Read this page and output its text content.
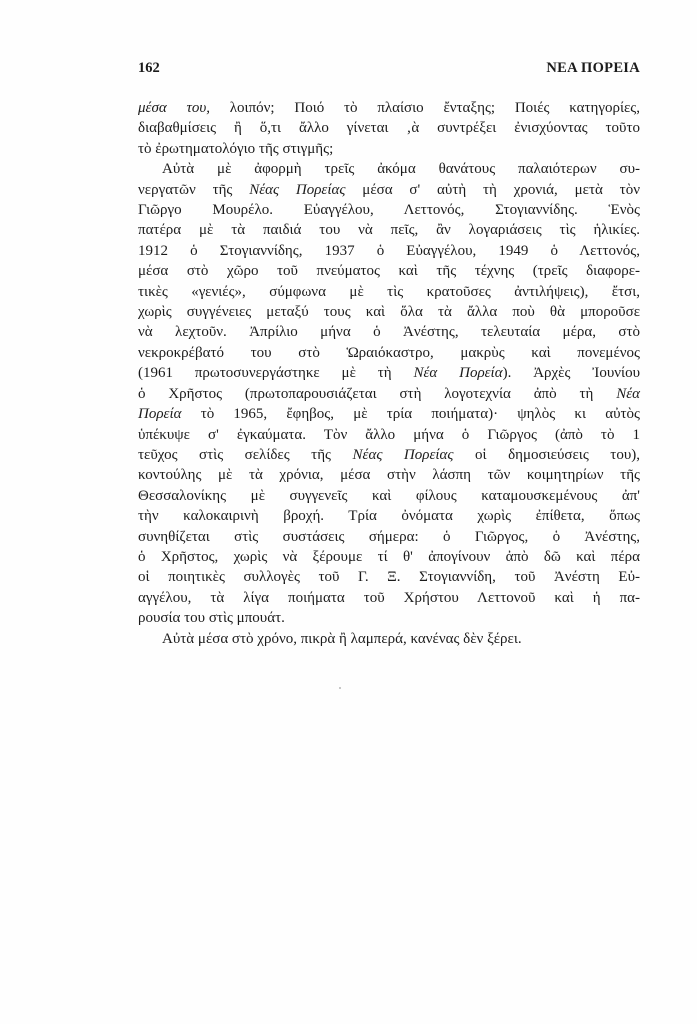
162	ΝΕΑ ΠΟΡΕΙΑ

μέσα του, λοιπόν; Ποιό τὸ πλαίσιο ἔνταξης; Ποιές κατηγορίες,
διαβαθμίσεις ἢ ὅ,τι ἄλλο γίνεται ‚ὰ συντρέξει ἐνισχύοντας τοῦτο
τὸ ἐρωτηματολόγιο τῆς στιγμῆς;

Αὐτὰ μὲ ἀφορμὴ τρεῖς ἀκόμα θανάτους παλαιότερων συ-
νεργατῶν τῆς Νέας Πορείας μέσα σ' αὐτὴ τὴ χρονιά, μετὰ τὸν
Γιῶργο Μουρέλο. Εὐαγγέλου, Λεττονός, Στογιαννίδης. Ἑνὸς
πατέρα μὲ τὰ παιδιά του νὰ πεῖς, ἂν λογαριάσεις τὶς ἡλικίες.
1912 ὁ Στογιαννίδης, 1937 ὁ Εὐαγγέλου, 1949 ὁ Λεττονός,
μέσα στὸ χῶρο τοῦ πνεύματος καὶ τῆς τέχνης (τρεῖς διαφορε-
τικὲς «γενιές», σύμφωνα μὲ τὶς κρατοῦσες ἀντιλήψεις), ἔτσι,
χωρὶς συγγένειες μεταξύ τους καὶ ὅλα τὰ ἄλλα ποὺ θὰ μποροῦσε
νὰ λεχτοῦν. Ἀπρίλιο μήνα ὁ Ἀνέστης, τελευταία μέρα, στὸ
νεκροκρέβατό του στὸ Ὡραιόκαστρο, μακρὺς καὶ πονεμένος
(1961 πρωτοσυνεργάστηκε μὲ τὴ Νέα Πορεία). Ἀρχὲς Ἰουνίου
ὁ Χρῆστος (πρωτοπαρουσιάζεται στὴ λογοτεχνία ἀπὸ τὴ Νέα
Πορεία τὸ 1965, ἔφηβος, μὲ τρία ποιήματα)· ψηλὸς κι αὐτὸς
ὑπέκυψε σ' ἐγκαύματα. Τὸν ἄλλο μήνα ὁ Γιῶργος (ἀπὸ τὸ 1
τεῦχος στὶς σελίδες τῆς Νέας Πορείας οἱ δημοσιεύσεις του),
κοντούλης μὲ τὰ χρόνια, μέσα στὴν λάσπη τῶν κοιμητηρίων τῆς
Θεσσαλονίκης μὲ συγγενεῖς καὶ φίλους καταμουσκεμένους ἀπ'
τὴν καλοκαιρινὴ βροχή. Τρία ὀνόματα χωρὶς ἐπίθετα, ὅπως
συνηθίζεται στὶς συστάσεις σήμερα: ὁ Γιῶργος, ὁ Ἀνέστης,
ὁ Χρῆστος, χωρὶς νὰ ξέρουμε τί θ' ἀπογίνουν ἀπὸ δῶ καὶ πέρα
οἱ ποιητικὲς συλλογὲς τοῦ Γ. Ξ. Στογιαννίδη, τοῦ Ἀνέστη Εὐ-
αγγέλου, τὰ λίγα ποιήματα τοῦ Χρήστου Λεττονοῦ καὶ ἡ πα-
ρουσία του στὶς μπουάτ.

Αὐτὰ μέσα στὸ χρόνο, πικρὰ ἢ λαμπερά, κανένας δὲν ξέρει.
